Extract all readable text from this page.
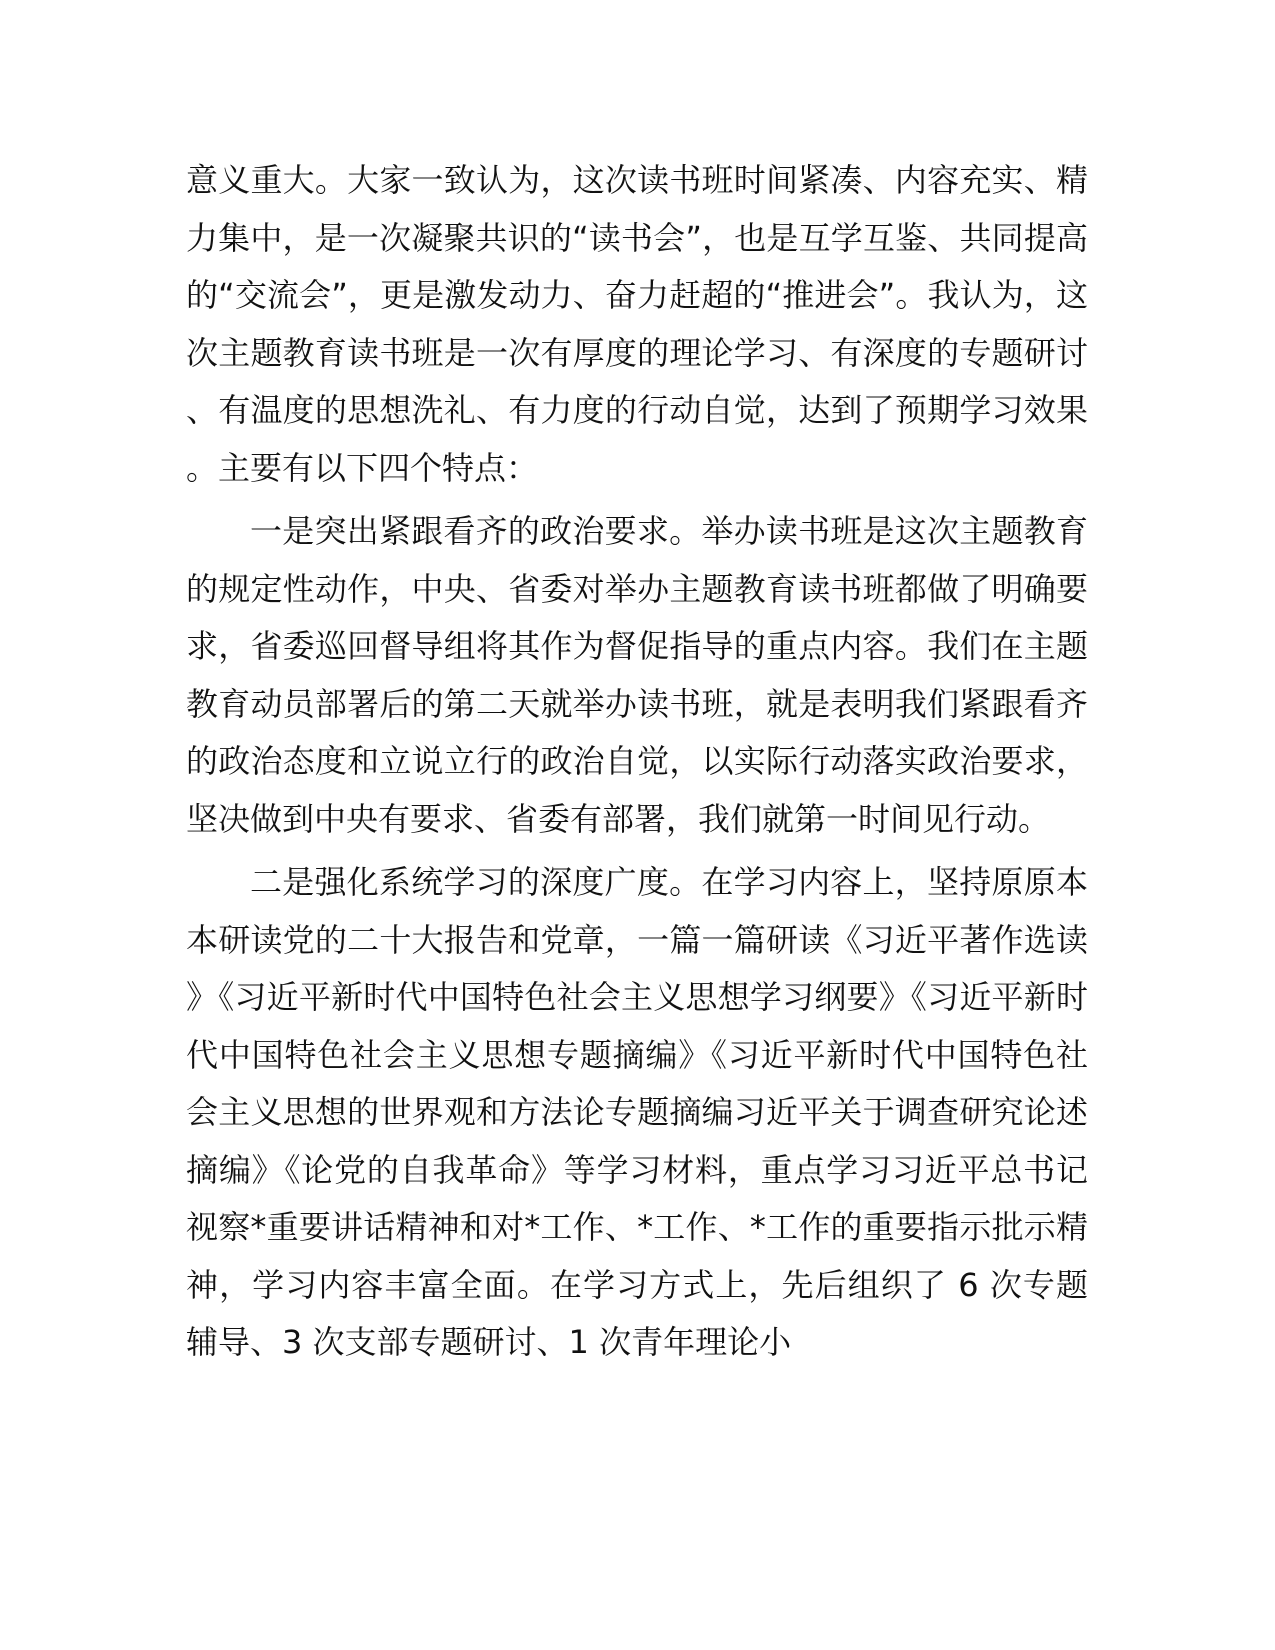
意义重大。大家一致认为，这次读书班时间紧凑、内容充实、精力集中，是一次凝聚共识的“读书会”，也是互学互鉴、共同提高的“交流会”，更是激发动力、奋力赶超的“推进会”。我认为，这次主题教育读书班是一次有厚度的理论学习、有深度的专题研讨、有温度的思想洗礼、有力度的行动自觉，达到了预期学习效果。主要有以下四个特点：

一是突出紧跟看齐的政治要求。举办读书班是这次主题教育的规定性动作，中央、省委对举办主题教育读书班都做了明确要求，省委巡回督导组将其作为督促指导的重点内容。我们在主题教育动员部署后的第二天就举办读书班，就是表明我们紧跟看齐的政治态度和立说立行的政治自觉，以实际行动落实政治要求，坚决做到中央有要求、省委有部署，我们就第一时间见行动。

二是强化系统学习的深度广度。在学习内容上，坚持原原本本研读党的二十大报告和党章，一篇一篇研读《习近平著作选读》《习近平新时代中国特色社会主义思想学习纲要》《习近平新时代中国特色社会主义思想专题摘编》《习近平新时代中国特色社会主义思想的世界观和方法论专题摘编习近平关于调查研究论述摘编》《论党的自我革命》等学习材料，重点学习习近平总书记视察*重要讲话精神和对*工作、*工作、*工作的重要指示批示精神，学习内容丰富全面。在学习方式上，先后组织了 6 次专题辅导、3 次支部专题研讨、1 次青年理论小
